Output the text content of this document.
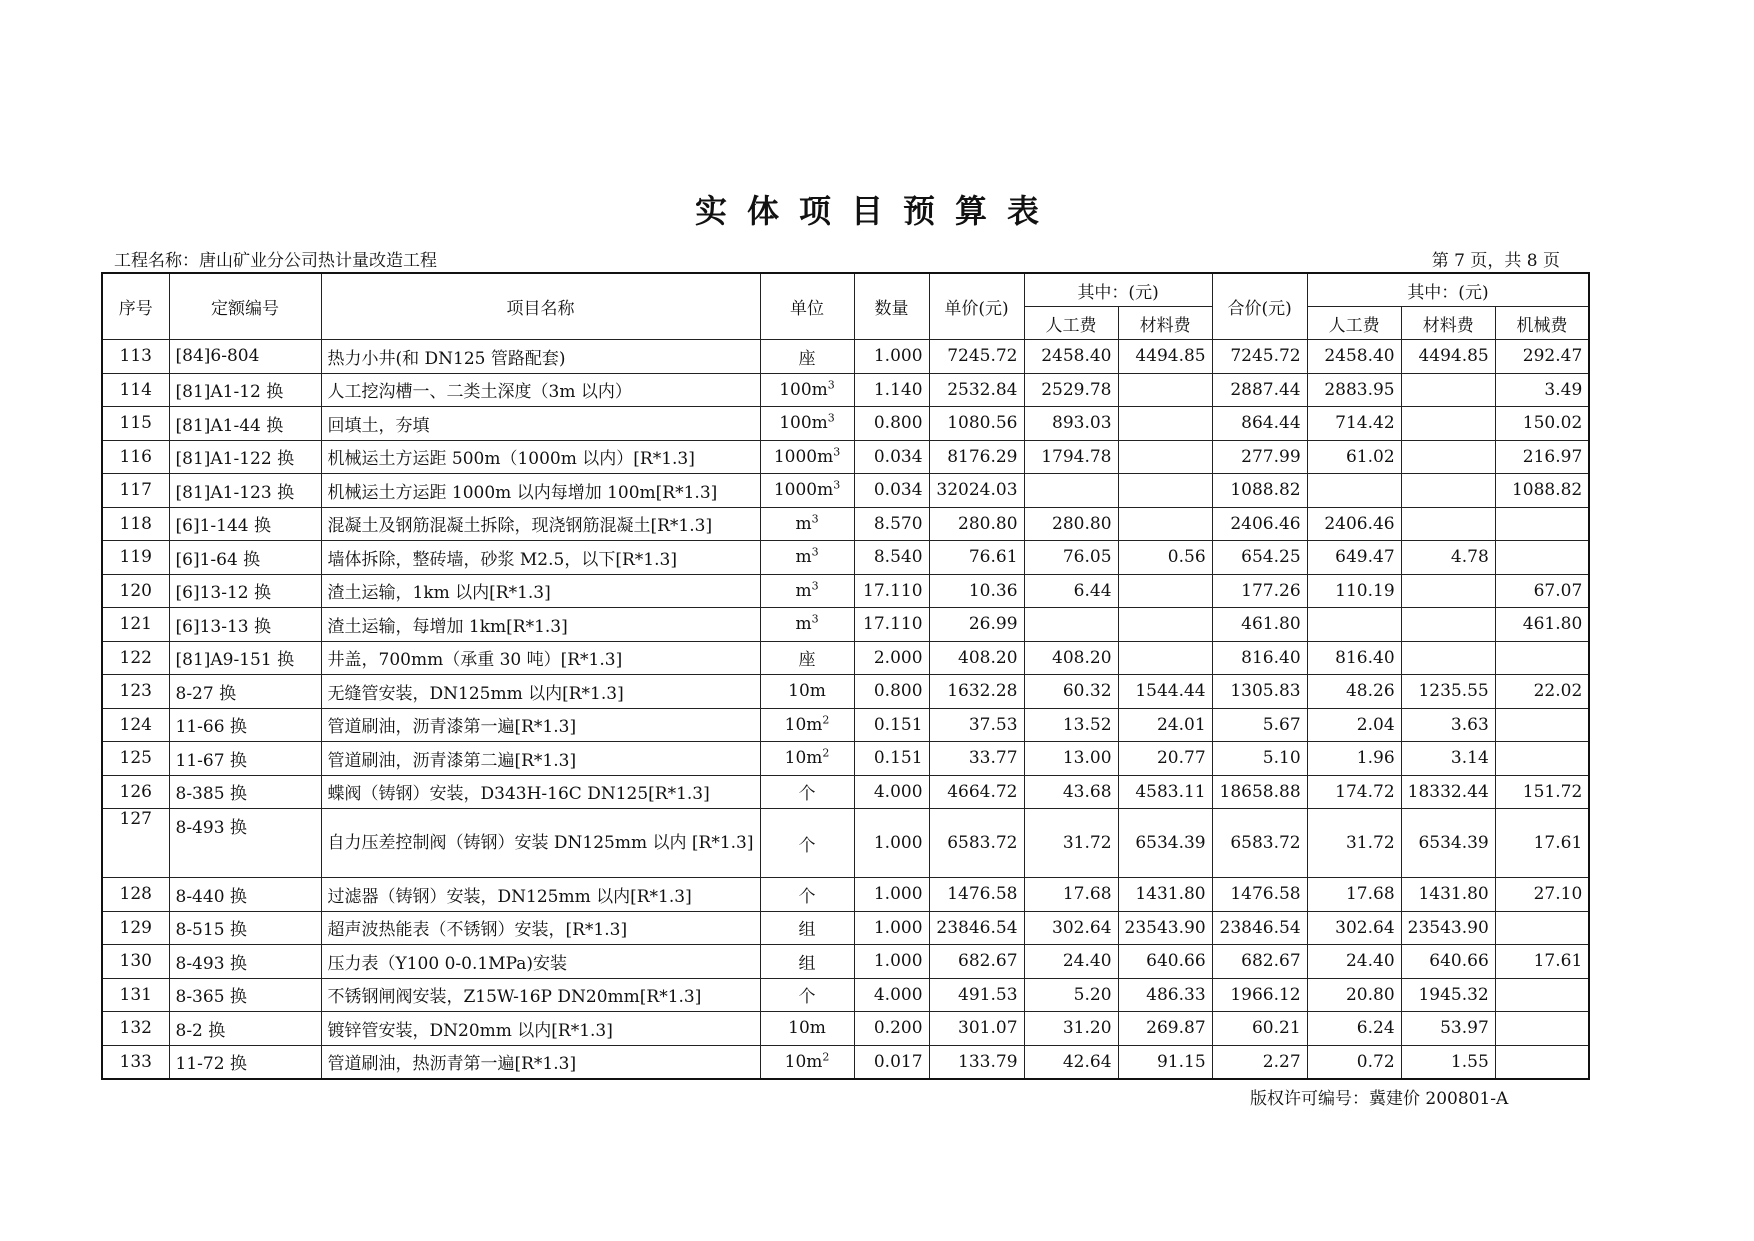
实体项目预算表
工程名称：唐山矿业分公司热计量改造工程	第 7 页，共 8 页
序号	定额编号	项目名称	单位	数量	单价(元)	其中：(元)		合价(元)	其中：(元)		
						人工费	材料费		人工费	材料费	机械费
113	[84]6-804	热力小井(和 DN125 管路配套)	座	1.000	7245.72	2458.40	4494.85	7245.72	2458.40	4494.85	292.47
114	[81]A1-12 换	人工挖沟槽一、二类土深度（3m 以内）	$100m^3$	1.140	2532.84	2529.78		2887.44	2883.95		3.49
115	[81]A1-44 换	回填土，夯填	$100m^3$	0.800	1080.56	893.03		864.44	714.42		150.02
116	[81]A1-122 换	机械运土方运距 500m（1000m 以内）[R*1.3]	$1000m^3$	0.034	8176.29	1794.78		277.99	61.02		216.97
117	[81]A1-123 换	机械运土方运距 1000m 以内每增加 100m[R*1.3]	$1000m^3$	0.034	32024.03			1088.82			1088.82
118	[6]1-144 换	混凝土及钢筋混凝土拆除，现浇钢筋混凝土[R*1.3]	$m^3$	8.570	280.80	280.80		2406.46	2406.46		
119	[6]1-64 换	墙体拆除，整砖墙，砂浆 M2.5，以下[R*1.3]	$m^3$	8.540	76.61	76.05	0.56	654.25	649.47	4.78	
120	[6]13-12 换	渣土运输，1km 以内[R*1.3]	$m^3$	17.110	10.36	6.44		177.26	110.19		67.07
121	[6]13-13 换	渣土运输，每增加 1km[R*1.3]	$m^3$	17.110	26.99			461.80			461.80
122	[81]A9-151 换	井盖，700mm（承重 30 吨）[R*1.3]	座	2.000	408.20	408.20		816.40	816.40		
123	8-27 换	无缝管安装，DN125mm 以内[R*1.3]	10m	0.800	1632.28	60.32	1544.44	1305.83	48.26	1235.55	22.02
124	11-66 换	管道刷油，沥青漆第一遍[R*1.3]	$10m^2$	0.151	37.53	13.52	24.01	5.67	2.04	3.63	
125	11-67 换	管道刷油，沥青漆第二遍[R*1.3]	$10m^2$	0.151	33.77	13.00	20.77	5.10	1.96	3.14	
126	8-385 换	蝶阀（铸钢）安装，D343H-16C DN125[R*1.3]	个	4.000	4664.72	43.68	4583.11	18658.88	174.72	18332.44	151.72
127	8-493 换	自力压差控制阀（铸钢）安装 DN125mm 以内 [R*1.3]	个	1.000	6583.72	31.72	6534.39	6583.72	31.72	6534.39	17.61
128	8-440 换	过滤器（铸钢）安装，DN125mm 以内[R*1.3]	个	1.000	1476.58	17.68	1431.80	1476.58	17.68	1431.80	27.10
129	8-515 换	超声波热能表（不锈钢）安装，[R*1.3]	组	1.000	23846.54	302.64	23543.90	23846.54	302.64	23543.90	
130	8-493 换	压力表（Y100 0-0.1MPa)安装	组	1.000	682.67	24.40	640.66	682.67	24.40	640.66	17.61
131	8-365 换	不锈钢闸阀安装，Z15W-16P DN20mm[R*1.3]	个	4.000	491.53	5.20	486.33	1966.12	20.80	1945.32	
132	8-2 换	镀锌管安装，DN20mm 以内[R*1.3]	10m	0.200	301.07	31.20	269.87	60.21	6.24	53.97	
133	11-72 换	管道刷油，热沥青第一遍[R*1.3]	$10m^2$	0.017	133.79	42.64	91.15	2.27	0.72	1.55	
版权许可编号：冀建价 200801-A
